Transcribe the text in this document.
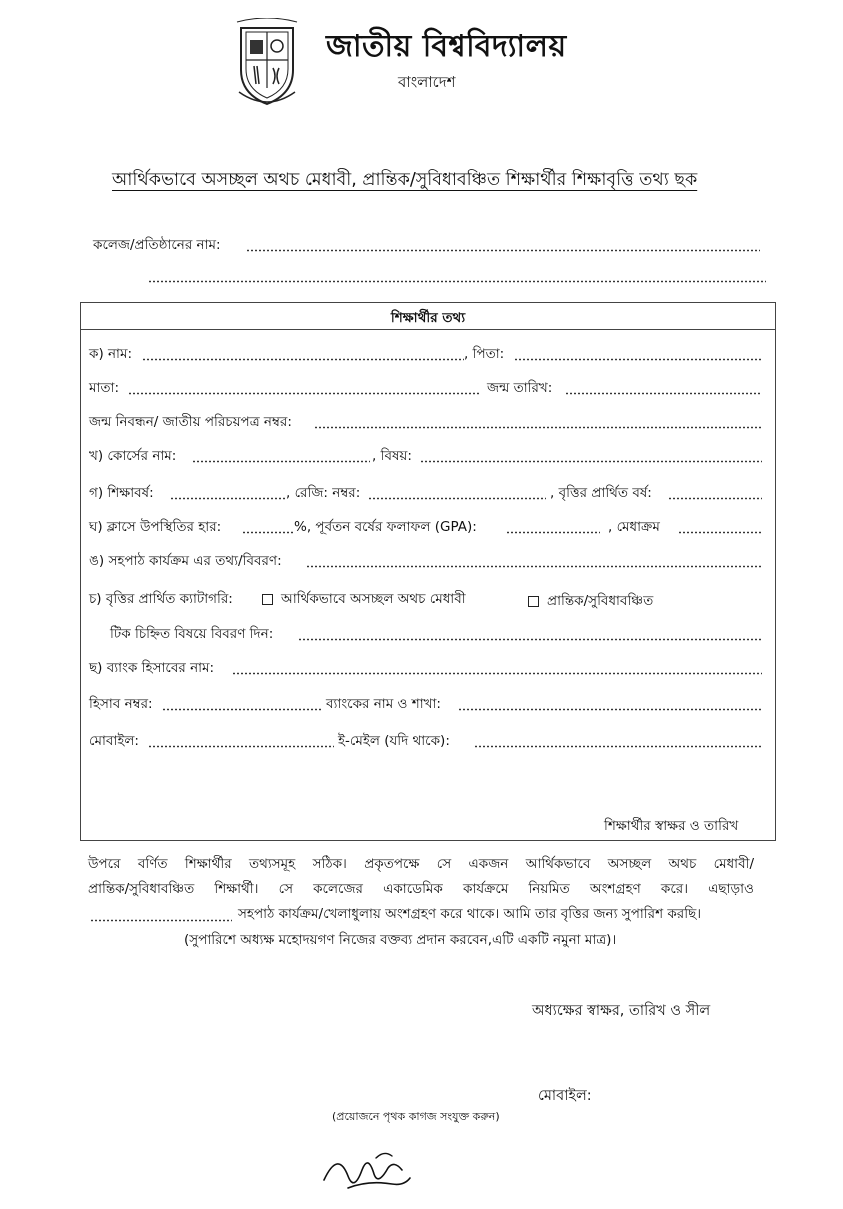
জাতীয় বিশ্ববিদ্যালয়
বাংলাদেশ
আর্থিকভাবে অসচ্ছল অথচ মেধাবী, প্রান্তিক/সুবিধাবঞ্চিত শিক্ষার্থীর শিক্ষাবৃত্তি তথ্য ছক
কলেজ/প্রতিষ্ঠানের নাম:
শিক্ষার্থীর তথ্য
ক) নাম:	, পিতা:
মাতা:	জন্ম তারিখ:
জন্ম নিবন্ধন/ জাতীয় পরিচয়পত্র নম্বর:
খ) কোর্সের নাম:	, বিষয়:
গ) শিক্ষাবর্ষ:	, রেজি: নম্বর:	, বৃত্তির প্রার্থিত বর্ষ:
ঘ) ক্লাসে উপস্থিতির হার:	%, পূর্বতন বর্ষের ফলাফল (GPA):	, মেধাক্রম
ঙ) সহপাঠ কার্যক্রম এর তথ্য/বিবরণ:
চ) বৃত্তির প্রার্থিত ক্যাটাগরি:	আর্থিকভাবে অসচ্ছল অথচ মেধাবী	প্রান্তিক/সুবিধাবঞ্চিত
টিক চিহ্নিত বিষয়ে বিবরণ দিন:
ছ) ব্যাংক হিসাবের নাম:
হিসাব নম্বর:	ব্যাংকের নাম ও শাখা:
মোবাইল:	ই-মেইল (যদি থাকে):
শিক্ষার্থীর স্বাক্ষর ও তারিখ
উপরে বর্ণিত শিক্ষার্থীর তথ্যসমূহ সঠিক। প্রকৃতপক্ষে সে একজন আর্থিকভাবে অসচ্ছল অথচ মেধাবী/
প্রান্তিক/সুবিধাবঞ্চিত শিক্ষার্থী। সে কলেজের একাডেমিক কার্যক্রমে নিয়মিত অংশগ্রহণ করে। এছাড়াও
সহপাঠ কার্যক্রম/খেলাধুলায় অংশগ্রহণ করে থাকে। আমি তার বৃত্তির জন্য সুপারিশ করছি।
(সুপারিশে অধ্যক্ষ মহোদয়গণ নিজের বক্তব্য প্রদান করবেন,এটি একটি নমুনা মাত্র)।
অধ্যক্ষের স্বাক্ষর, তারিখ ও সীল
মোবাইল:
(প্রয়োজনে পৃথক কাগজ সংযুক্ত করুন)
